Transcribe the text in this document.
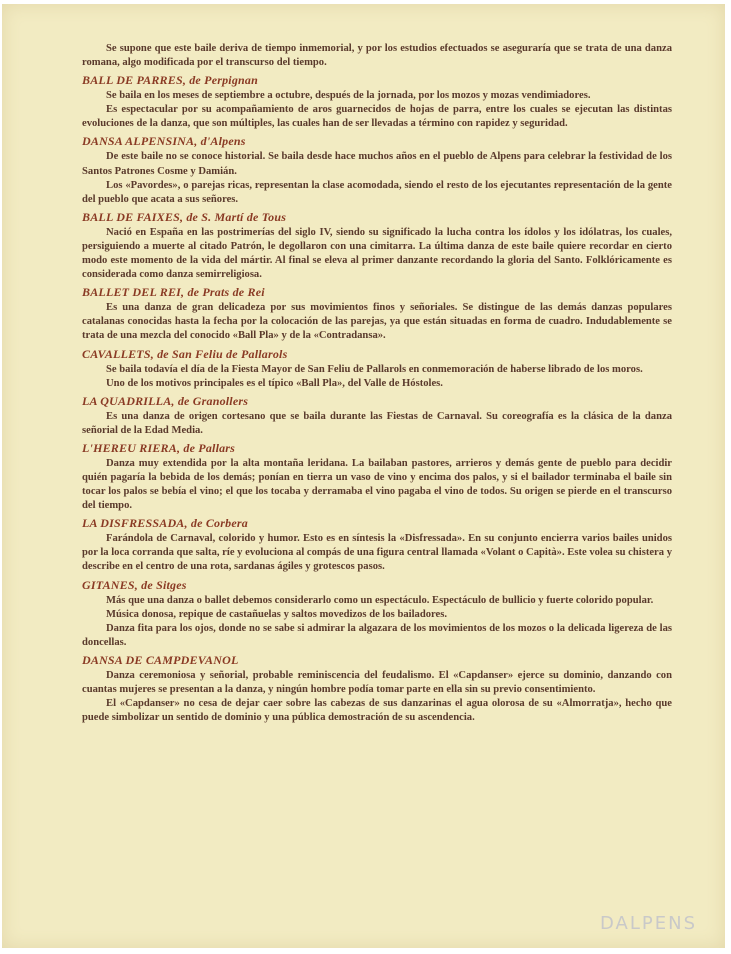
Se supone que este baile deriva de tiempo inmemorial, y por los estudios efectuados se aseguraría que se trata de una danza romana, algo modificada por el transcurso del tiempo.

BALL DE PARRES, de Perpignan

Se baila en los meses de septiembre a octubre, después de la jornada, por los mozos y mozas vendimiadores.

Es espectacular por su acompañamiento de aros guarnecidos de hojas de parra, entre los cuales se ejecutan las distintas evoluciones de la danza, que son múltiples, las cuales han de ser llevadas a término con rapidez y seguridad.

DANSA ALPENSINA, d'Alpens

De este baile no se conoce historial. Se baila desde hace muchos años en el pueblo de Alpens para celebrar la festividad de los Santos Patrones Cosme y Damián.

Los «Pavordes», o parejas ricas, representan la clase acomodada, siendo el resto de los ejecutantes representación de la gente del pueblo que acata a sus señores.

BALL DE FAIXES, de S. Martí de Tous

Nació en España en las postrimerías del siglo IV, siendo su significado la lucha contra los ídolos y los idólatras, los cuales, persiguiendo a muerte al citado Patrón, le degollaron con una cimitarra. La última danza de este baile quiere recordar en cierto modo este momento de la vida del mártir. Al final se eleva al primer danzante recordando la gloria del Santo. Folklóricamente es considerada como danza semirreligiosa.

BALLET DEL REI, de Prats de Rei

Es una danza de gran delicadeza por sus movimientos finos y señoriales. Se distingue de las demás danzas populares catalanas conocidas hasta la fecha por la colocación de las parejas, ya que están situadas en forma de cuadro. Indudablemente se trata de una mezcla del conocido «Ball Pla» y de la «Contradansa».

CAVALLETS, de San Feliu de Pallarols

Se baila todavía el día de la Fiesta Mayor de San Feliu de Pallarols en conmemoración de haberse librado de los moros.

Uno de los motivos principales es el típico «Ball Pla», del Valle de Hóstoles.

LA QUADRILLA, de Granollers

Es una danza de origen cortesano que se baila durante las Fiestas de Carnaval. Su coreografía es la clásica de la danza señorial de la Edad Media.

L'HEREU RIERA, de Pallars

Danza muy extendida por la alta montaña leridana. La bailaban pastores, arrieros y demás gente de pueblo para decidir quién pagaría la bebida de los demás; ponían en tierra un vaso de vino y encima dos palos, y si el bailador terminaba el baile sin tocar los palos se bebía el vino; el que los tocaba y derramaba el vino pagaba el vino de todos. Su origen se pierde en el transcurso del tiempo.

LA DISFRESSADA, de Corbera

Farándola de Carnaval, colorido y humor. Esto es en síntesis la «Disfressada». En su conjunto encierra varios bailes unidos por la loca corranda que salta, ríe y evoluciona al compás de una figura central llamada «Volant o Capità». Este volea su chistera y describe en el centro de una rota, sardanas ágiles y grotescos pasos.

GITANES, de Sitges

Más que una danza o ballet debemos considerarlo como un espectáculo. Espectáculo de bullicio y fuerte colorido popular.

Música donosa, repique de castañuelas y saltos movedizos de los bailadores.

Danza fita para los ojos, donde no se sabe si admirar la algazara de los movimientos de los mozos o la delicada ligereza de las doncellas.

DANSA DE CAMPDEVANOL

Danza ceremoniosa y señorial, probable reminiscencia del feudalismo. El «Capdanser» ejerce su dominio, danzando con cuantas mujeres se presentan a la danza, y ningún hombre podía tomar parte en ella sin su previo consentimiento.

El «Capdanser» no cesa de dejar caer sobre las cabezas de sus danzarinas el agua olorosa de su «Almorratja», hecho que puede simbolizar un sentido de dominio y una pública demostración de su ascendencia.

DALPENS
